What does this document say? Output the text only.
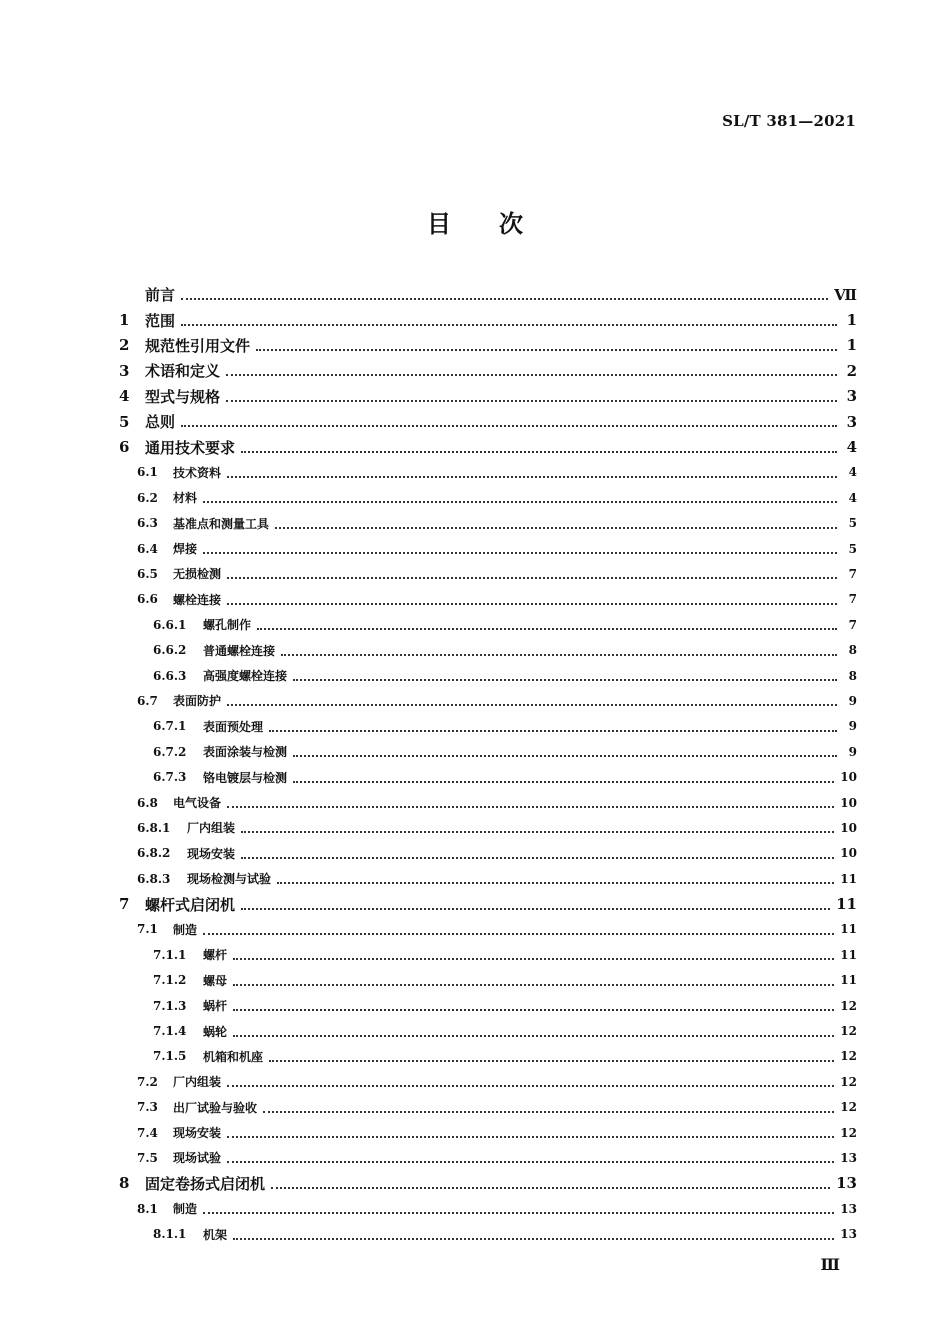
SL/T 381—2021
目　　次
前言	Ⅶ
1	范围	1
2	规范性引用文件	1
3	术语和定义	2
4	型式与规格	3
5	总则	3
6	通用技术要求	4
6.1	技术资料	4
6.2	材料	4
6.3	基准点和测量工具	5
6.4	焊接	5
6.5	无损检测	7
6.6	螺栓连接	7
6.6.1	螺孔制作	7
6.6.2	普通螺栓连接	8
6.6.3	高强度螺栓连接	8
6.7	表面防护	9
6.7.1	表面预处理	9
6.7.2	表面涂装与检测	9
6.7.3	铬电镀层与检测	10
6.8	电气设备	10
6.8.1	厂内组装	10
6.8.2	现场安装	10
6.8.3	现场检测与试验	11
7	螺杆式启闭机	11
7.1	制造	11
7.1.1	螺杆	11
7.1.2	螺母	11
7.1.3	蜗杆	12
7.1.4	蜗轮	12
7.1.5	机箱和机座	12
7.2	厂内组装	12
7.3	出厂试验与验收	12
7.4	现场安装	12
7.5	现场试验	13
8	固定卷扬式启闭机	13
8.1	制造	13
8.1.1	机架	13
Ⅲ
